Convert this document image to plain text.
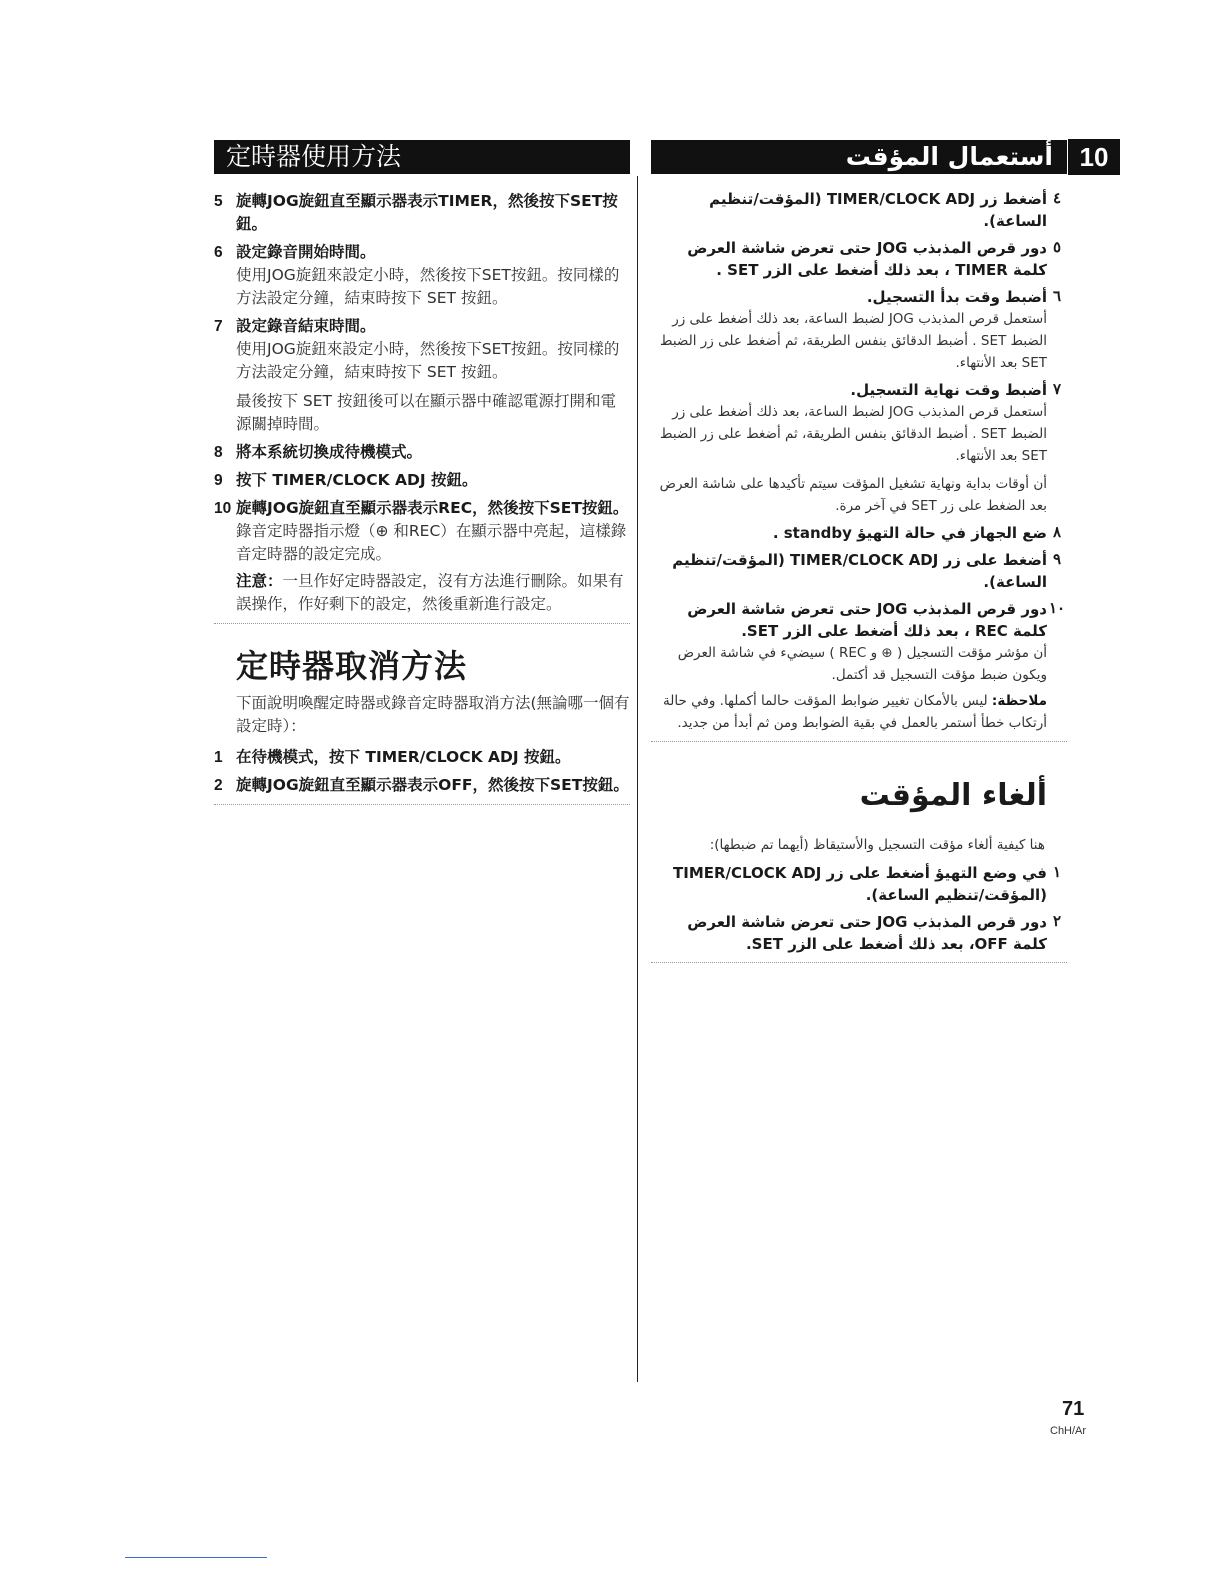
定時器使用方法	أستعمال المؤقت	10
5 旋轉JOG旋鈕直至顯示器表示TIMER，然後按下SET按鈕。
6 設定錄音開始時間。
使用JOG旋鈕來設定小時，然後按下SET按鈕。按同樣的方法設定分鐘，結束時按下 SET 按鈕。
7 設定錄音結束時間。
使用JOG旋鈕來設定小時，然後按下SET按鈕。按同樣的方法設定分鐘，結束時按下 SET 按鈕。
最後按下 SET 按鈕後可以在顯示器中確認電源打開和電源關掉時間。
8 將本系統切換成待機模式。
9 按下 TIMER/CLOCK ADJ 按鈕。
10 旋轉JOG旋鈕直至顯示器表示REC，然後按下SET按鈕。
錄音定時器指示燈（⊕ 和REC）在顯示器中亮起，這樣錄音定時器的設定完成。
注意：一旦作好定時器設定，沒有方法進行刪除。如果有誤操作，作好剩下的設定，然後重新進行設定。
定時器取消方法
下面說明喚醒定時器或錄音定時器取消方法(無論哪一個有設定時）：
1 在待機模式，按下 TIMER/CLOCK ADJ 按鈕。
2 旋轉JOG旋鈕直至顯示器表示OFF，然後按下SET按鈕。
٤
أضغط زر TIMER/CLOCK ADJ (المؤقت/تنظيم الساعة).
٥
دور قرص المذبذب JOG حتى تعرض شاشة العرض كلمة TIMER ، بعد ذلك أضغط على الزر SET .
٦
أضبط وقت بدأ التسجيل.
أستعمل قرص المذبذب JOG لضبط الساعة، بعد ذلك أضغط على زر الضبط SET . أضبط الدقائق بنفس الطريقة، ثم أضغط على زر الضبط SET بعد الأنتهاء.
٧
أضبط وقت نهاية التسجيل.
أستعمل قرص المذبذب JOG لضبط الساعة، بعد ذلك أضغط على زر الضبط SET . أضبط الدقائق بنفس الطريقة، ثم أضغط على زر الضبط SET بعد الأنتهاء.
أن أوقات بداية ونهاية تشغيل المؤقت سيتم تأكيدها على شاشة العرض بعد الضغط على زر SET في آخر مرة.
٨
ضع الجهاز في حالة التهيؤ standby .
٩
أضغط على زر TIMER/CLOCK ADJ (المؤقت/تنظيم الساعة).
١٠
دور قرص المذبذب JOG حتى تعرض شاشة العرض كلمة REC ، بعد ذلك أضغط على الزر SET.
أن مؤشر مؤقت التسجيل ( ⊕ و REC ) سيضيء في شاشة العرض ويكون ضبط مؤقت التسجيل قد أكتمل.
ملاحظة: ليس بالأمكان تغيير ضوابط المؤقت حالما أكملها. وفي حالة أرتكاب خطأ أستمر بالعمل في بقية الضوابط ومن ثم أبدأ من جديد.
ألغاء المؤقت
هنا كيفية ألغاء مؤقت التسجيل والأستيقاظ (أيهما تم ضبطها):
١
في وضع التهيؤ أضغط على زر TIMER/CLOCK ADJ (المؤقت/تنظيم الساعة).
٢
دور قرص المذبذب JOG حتى تعرض شاشة العرض كلمة OFF، بعد ذلك أضغط على الزر SET.
71
ChH/Ar
